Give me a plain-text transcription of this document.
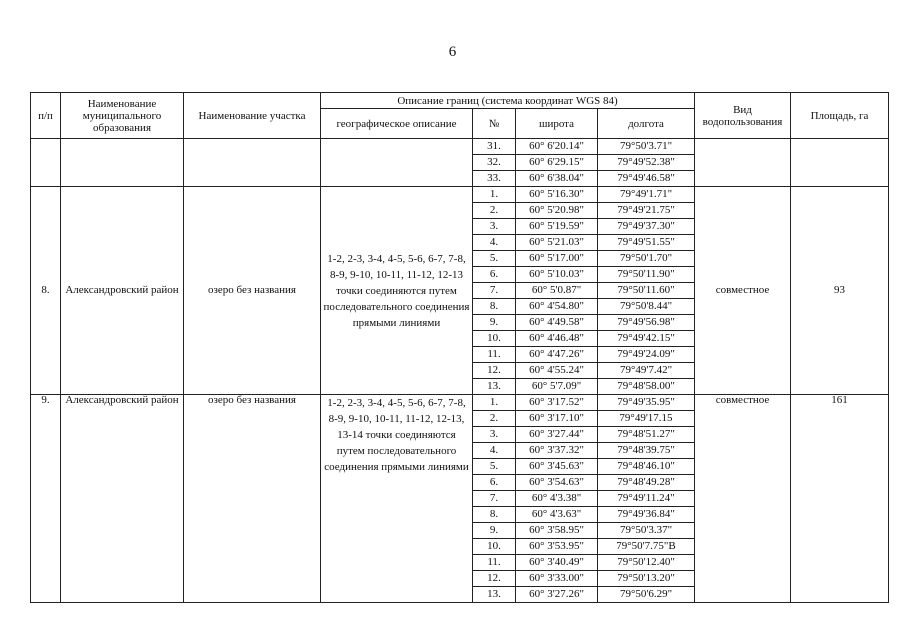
6
п/п	Наименование муниципального образования	Наименование участка	Описание границ (система координат WGS 84)				Вид водопользования	Площадь, га
			географическое описание	№	широта	долгота		
				31.	60° 6'20.14"	79°50'3.71"		
				32.	60° 6'29.15"	79°49'52.38"		
				33.	60° 6'38.04"	79°49'46.58"		
8.	Александровский район	озеро без названия	1-2, 2-3, 3-4, 4-5, 5-6, 6-7, 7-8, 8-9, 9-10, 10-11, 11-12, 12-13 точки соединяются путем последовательного соединения прямыми линиями	1.	60° 5'16.30"	79°49'1.71"	совместное	93
				2.	60° 5'20.98"	79°49'21.75"		
				3.	60° 5'19.59"	79°49'37.30"		
				4.	60° 5'21.03"	79°49'51.55"		
				5.	60° 5'17.00"	79°50'1.70"		
				6.	60° 5'10.03"	79°50'11.90"		
				7.	60° 5'0.87"	79°50'11.60"		
				8.	60° 4'54.80"	79°50'8.44"		
				9.	60° 4'49.58"	79°49'56.98"		
				10.	60° 4'46.48"	79°49'42.15"		
				11.	60° 4'47.26"	79°49'24.09"		
				12.	60° 4'55.24"	79°49'7.42"		
				13.	60° 5'7.09"	79°48'58.00"		
9.	Александровский район	озеро без названия	1-2, 2-3, 3-4, 4-5, 5-6, 6-7, 7-8, 8-9, 9-10, 10-11, 11-12, 12-13, 13-14 точки соединяются путем последовательного соединения прямыми линиями	1.	60° 3'17.52"	79°49'35.95"	совместное	161
				2.	60° 3'17.10"	79°49'17.15		
				3.	60° 3'27.44"	79°48'51.27"		
				4.	60° 3'37.32"	79°48'39.75"		
				5.	60° 3'45.63"	79°48'46.10"		
				6.	60° 3'54.63"	79°48'49.28"		
				7.	60° 4'3.38"	79°49'11.24"		
				8.	60° 4'3.63"	79°49'36.84"		
				9.	60° 3'58.95"	79°50'3.37"		
				10.	60° 3'53.95"	79°50'7.75"В		
				11.	60° 3'40.49"	79°50'12.40"		
				12.	60° 3'33.00"	79°50'13.20"		
				13.	60° 3'27.26"	79°50'6.29"		
